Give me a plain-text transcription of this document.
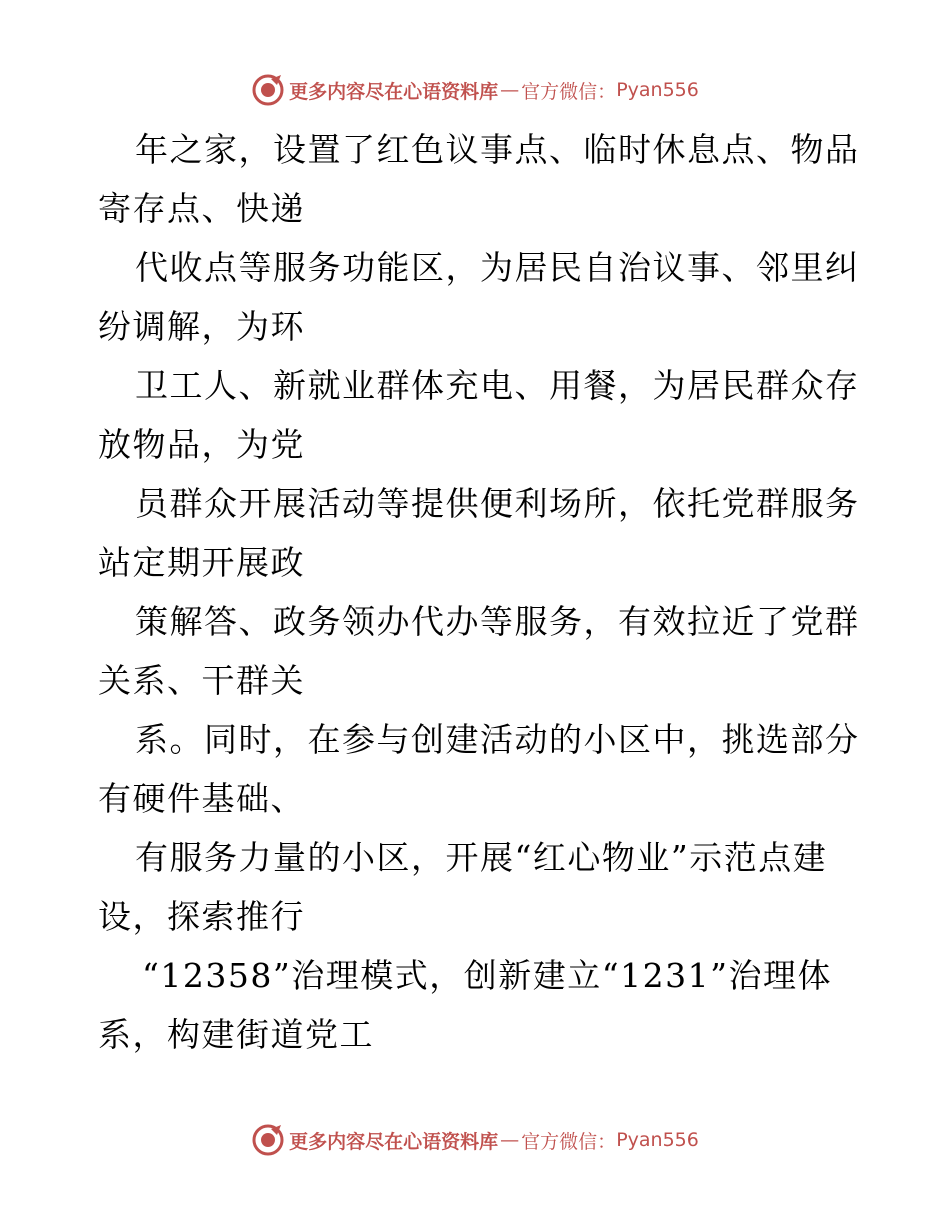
更多内容尽在心语资料库 — 官方微信： Pyan556
年之家，设置了红色议事点、临时休息点、物品
寄存点、快递
代收点等服务功能区，为居民自治议事、邻里纠
纷调解，为环
卫工人、新就业群体充电、用餐，为居民群众存
放物品，为党
员群众开展活动等提供便利场所，依托党群服务
站定期开展政
策解答、政务领办代办等服务，有效拉近了党群
关系、干群关
系。同时，在参与创建活动的小区中，挑选部分
有硬件基础、
有服务力量的小区，开展“红心物业”示范点建
设，探索推行
“12358”治理模式，创新建立“1231”治理体
系，构建街道党工
更多内容尽在心语资料库 — 官方微信： Pyan556
